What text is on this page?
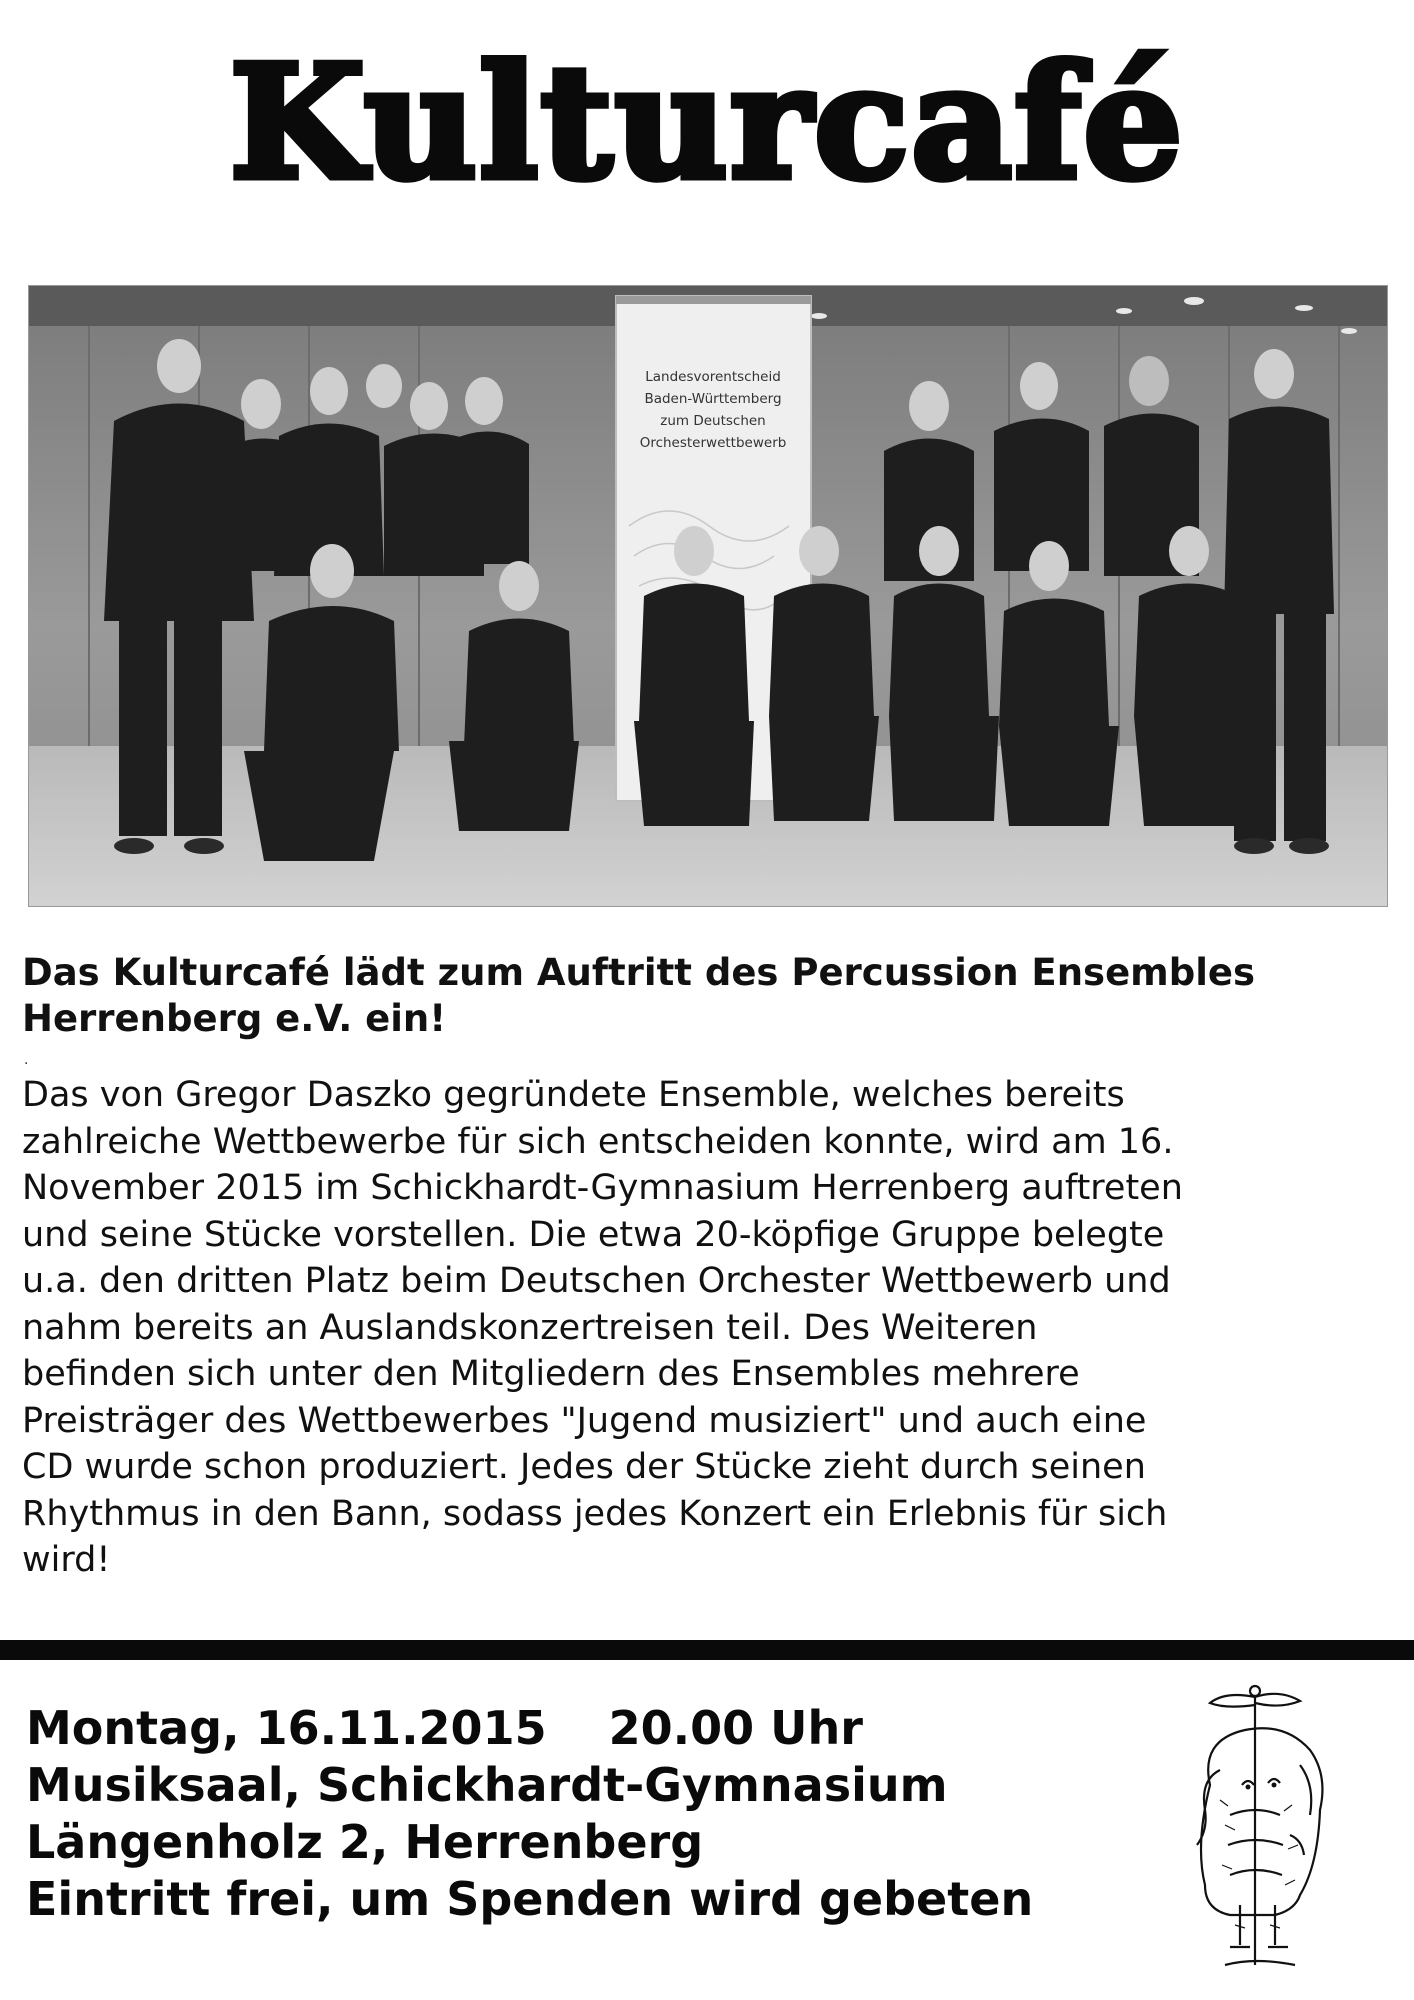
Kulturcafé
Landesvorentscheid
Baden-Württemberg
zum Deutschen
Orchesterwettbewerb
Das Kulturcafé lädt zum Auftritt des Percussion Ensembles
Herrenberg e.V. ein!
.
Das von Gregor Daszko gegründete Ensemble, welches bereits
zahlreiche Wettbewerbe für sich entscheiden konnte, wird am 16.
November 2015 im Schickhardt-Gymnasium Herrenberg auftreten
und seine Stücke vorstellen. Die etwa 20-köpfige Gruppe belegte
u.a. den dritten Platz beim Deutschen Orchester Wettbewerb und
nahm bereits an Auslandskonzertreisen teil. Des Weiteren
befinden sich unter den Mitgliedern des Ensembles mehrere
Preisträger des Wettbewerbes "Jugend musiziert" und auch eine
CD wurde schon produziert. Jedes der Stücke zieht durch seinen
Rhythmus in den Bann, sodass jedes Konzert ein Erlebnis für sich
wird!
Montag, 16.11.2015 20.00 Uhr
Musiksaal, Schickhardt-Gymnasium
Längenholz 2, Herrenberg
Eintritt frei, um Spenden wird gebeten
